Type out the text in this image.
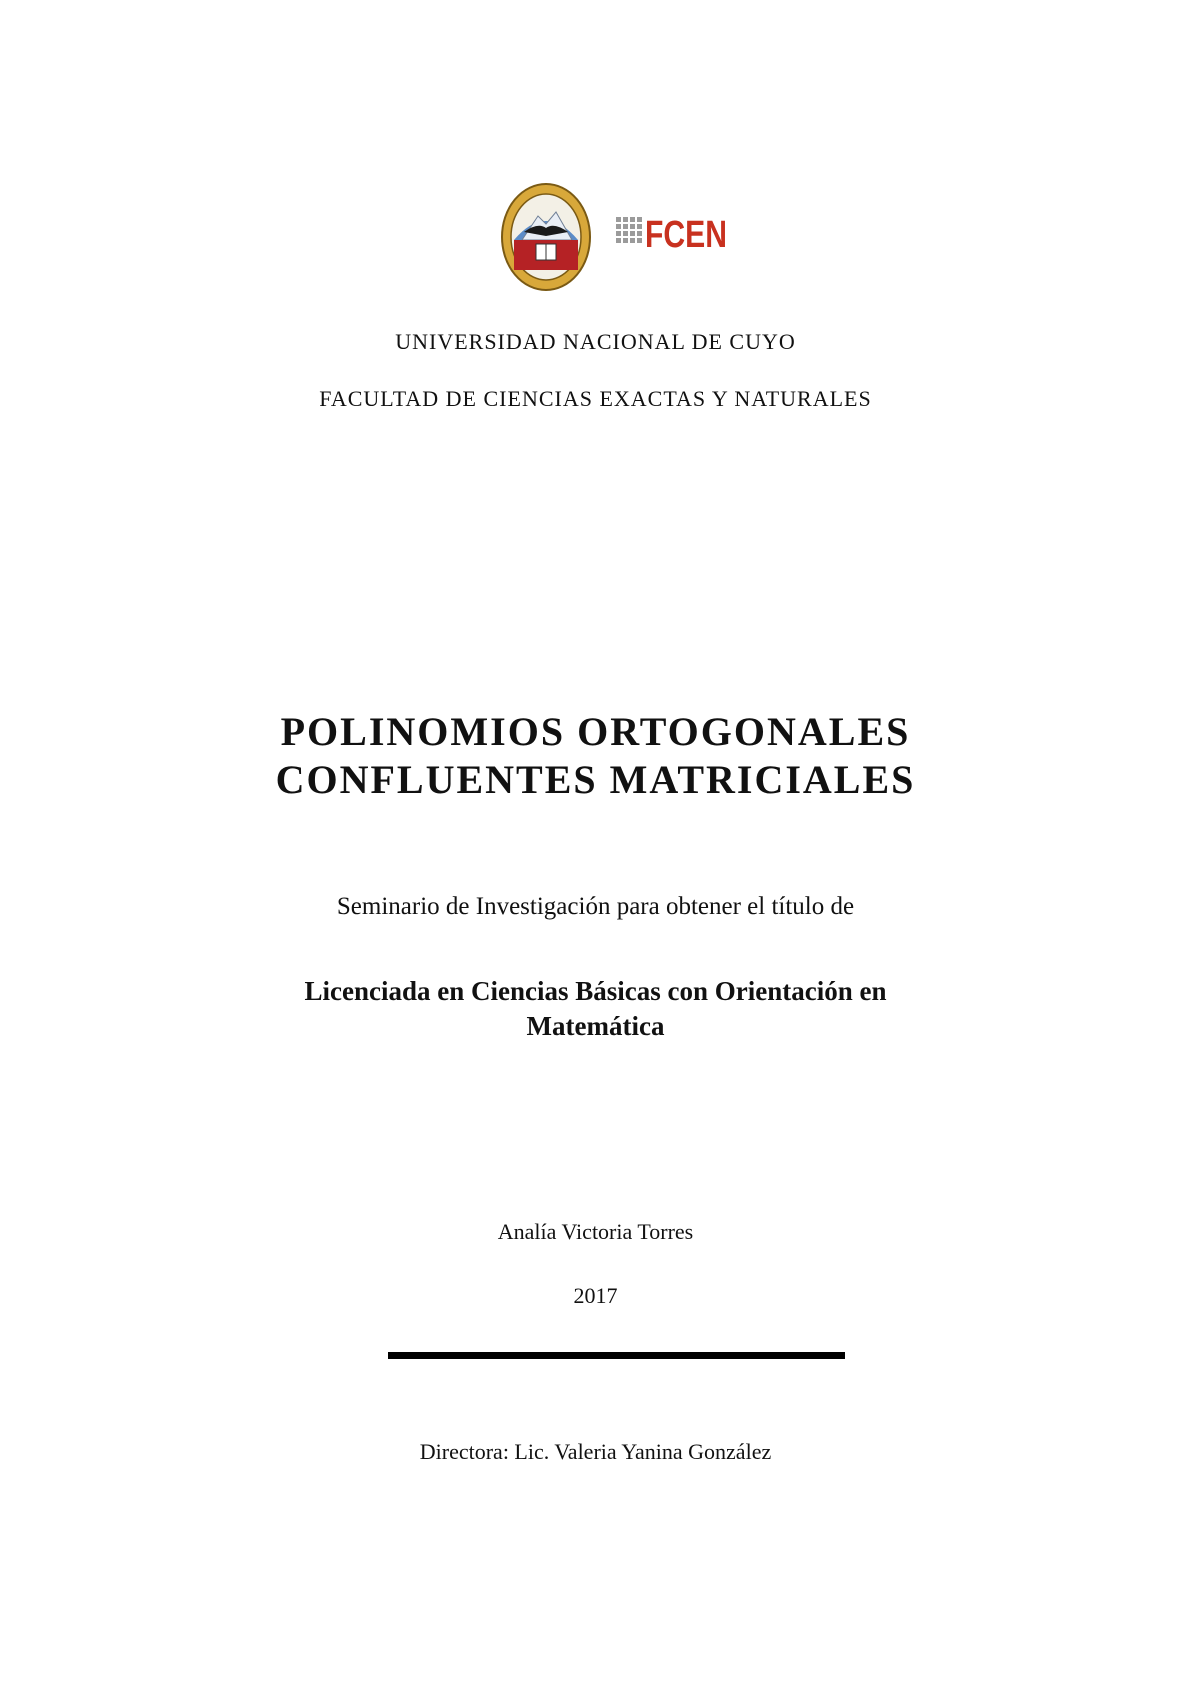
FCEN
UNIVERSIDAD NACIONAL DE CUYO
FACULTAD DE CIENCIAS EXACTAS Y NATURALES
POLINOMIOS ORTOGONALES
CONFLUENTES MATRICIALES
Seminario de Investigación para obtener el título de
Licenciada en Ciencias Básicas con Orientación en
Matemática
Analía Victoria Torres
2017
Directora: Lic. Valeria Yanina González
